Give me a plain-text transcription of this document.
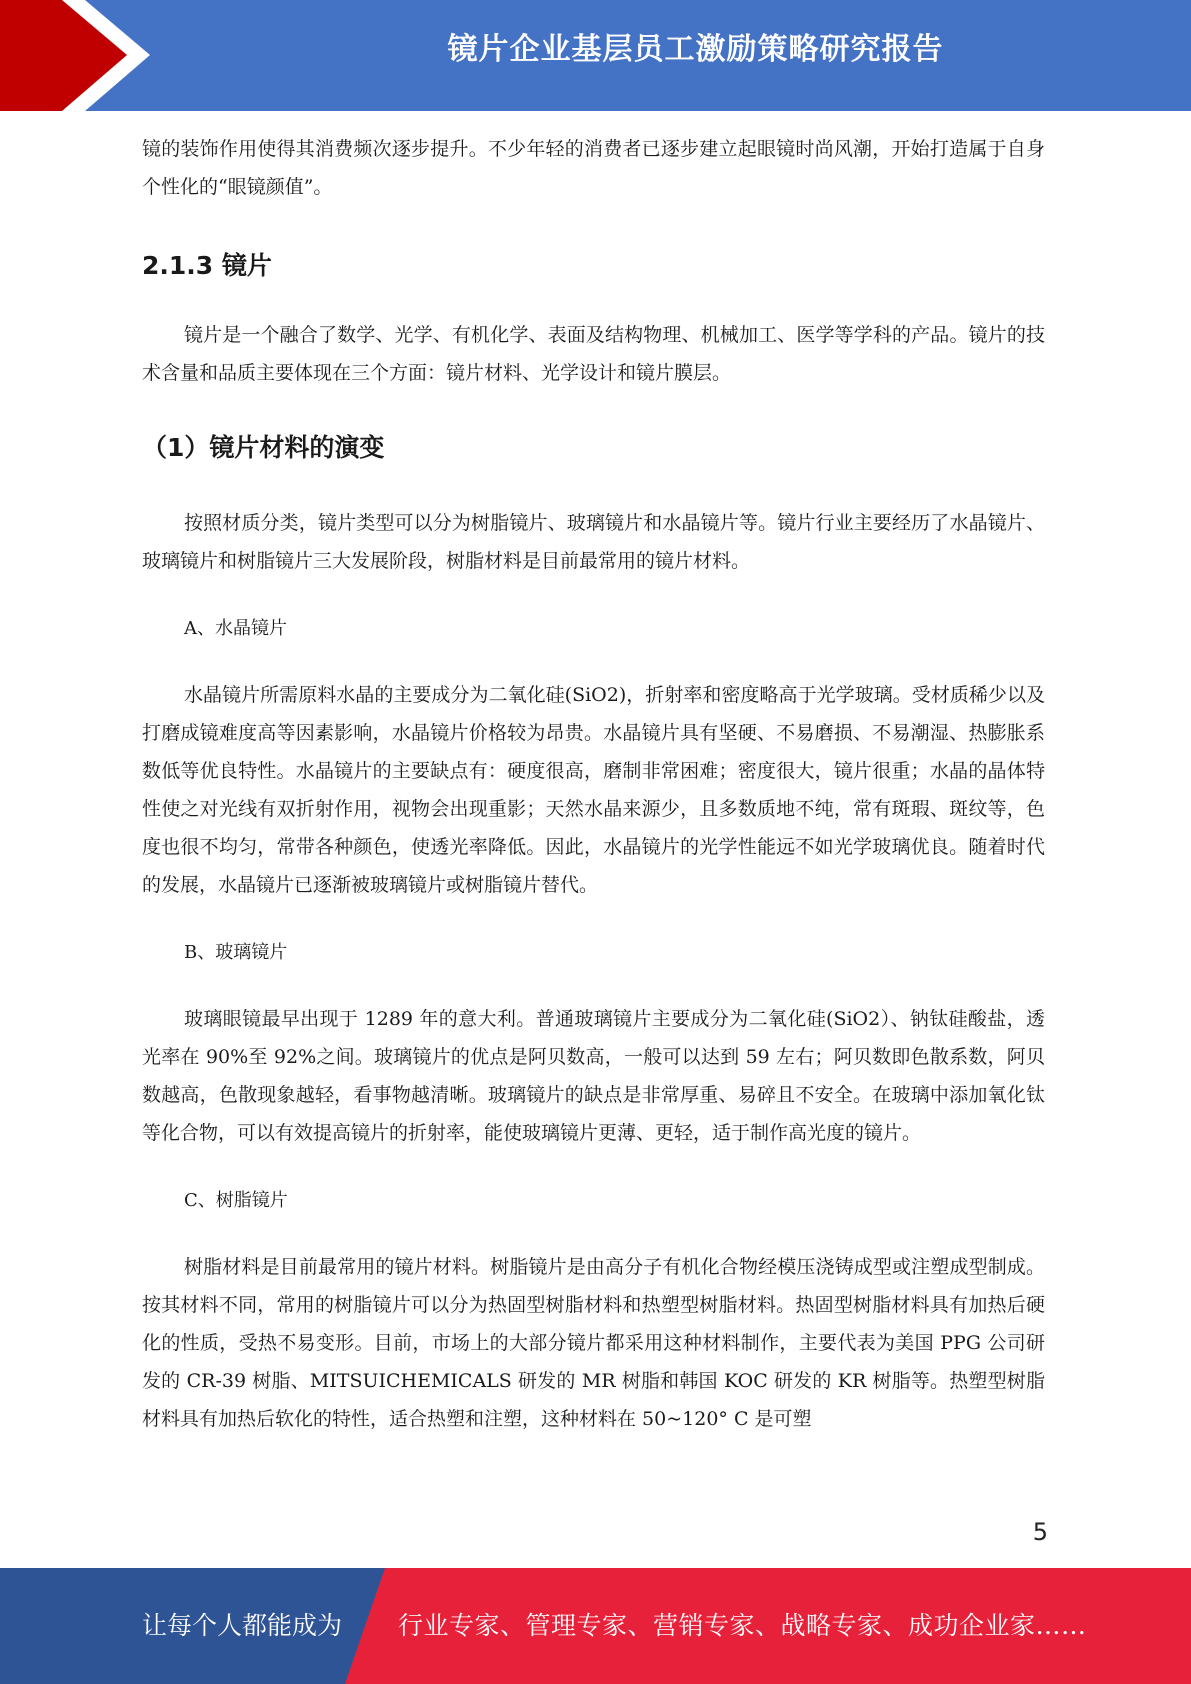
镜片企业基层员工激励策略研究报告

镜的装饰作用使得其消费频次逐步提升。不少年轻的消费者已逐步建立起眼镜时尚风潮，开始打造属于自身个性化的“眼镜颜值”。

2.1.3 镜片

镜片是一个融合了数学、光学、有机化学、表面及结构物理、机械加工、医学等学科的产品。镜片的技术含量和品质主要体现在三个方面：镜片材料、光学设计和镜片膜层。

（1）镜片材料的演变

按照材质分类，镜片类型可以分为树脂镜片、玻璃镜片和水晶镜片等。镜片行业主要经历了水晶镜片、玻璃镜片和树脂镜片三大发展阶段，树脂材料是目前最常用的镜片材料。

A、水晶镜片

水晶镜片所需原料水晶的主要成分为二氧化硅(SiO2)，折射率和密度略高于光学玻璃。受材质稀少以及打磨成镜难度高等因素影响，水晶镜片价格较为昂贵。水晶镜片具有坚硬、不易磨损、不易潮湿、热膨胀系数低等优良特性。水晶镜片的主要缺点有：硬度很高，磨制非常困难；密度很大，镜片很重；水晶的晶体特性使之对光线有双折射作用，视物会出现重影；天然水晶来源少，且多数质地不纯，常有斑瑕、斑纹等，色度也很不均匀，常带各种颜色，使透光率降低。因此，水晶镜片的光学性能远不如光学玻璃优良。随着时代的发展，水晶镜片已逐渐被玻璃镜片或树脂镜片替代。

B、玻璃镜片

玻璃眼镜最早出现于 1289 年的意大利。普通玻璃镜片主要成分为二氧化硅(SiO2）、钠钛硅酸盐，透光率在 90%至 92%之间。玻璃镜片的优点是阿贝数高，一般可以达到 59 左右；阿贝数即色散系数，阿贝数越高，色散现象越轻，看事物越清晰。玻璃镜片的缺点是非常厚重、易碎且不安全。在玻璃中添加氧化钛等化合物，可以有效提高镜片的折射率，能使玻璃镜片更薄、更轻，适于制作高光度的镜片。

C、树脂镜片

树脂材料是目前最常用的镜片材料。树脂镜片是由高分子有机化合物经模压浇铸成型或注塑成型制成。按其材料不同，常用的树脂镜片可以分为热固型树脂材料和热塑型树脂材料。热固型树脂材料具有加热后硬化的性质，受热不易变形。目前，市场上的大部分镜片都采用这种材料制作，主要代表为美国 PPG 公司研发的 CR-39 树脂、MITSUICHEMICALS 研发的 MR 树脂和韩国 KOC 研发的 KR 树脂等。热塑型树脂材料具有加热后软化的特性，适合热塑和注塑，这种材料在 50~120° C 是可塑

5
让每个人都能成为 行业专家、管理专家、营销专家、战略专家、成功企业家……
